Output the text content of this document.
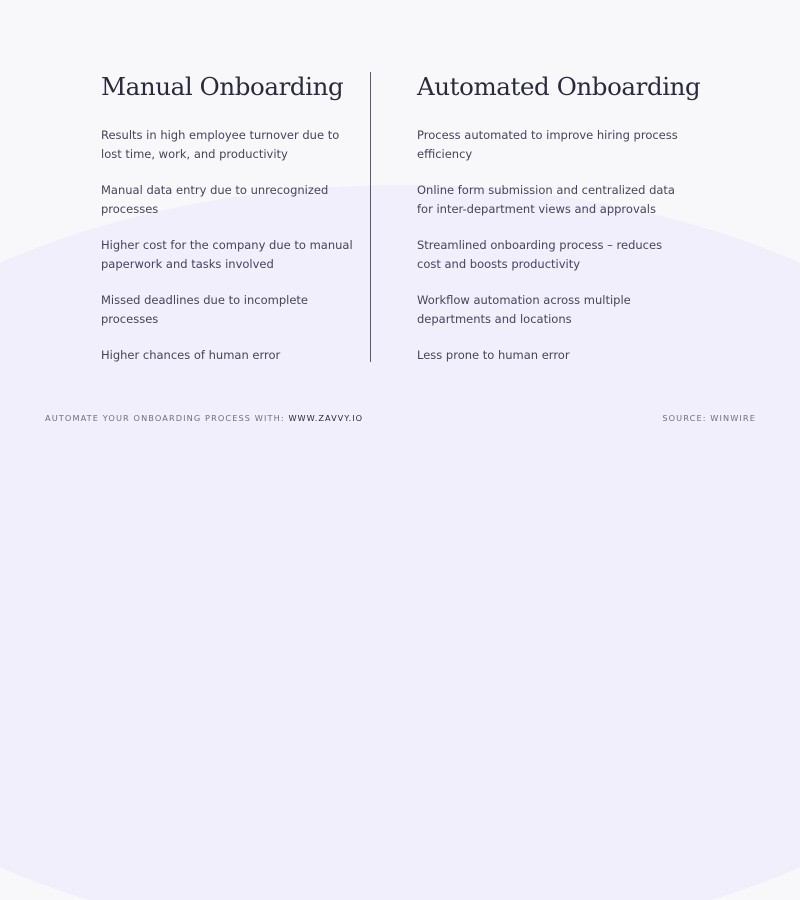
Manual Onboarding
Results in high employee turnover due to lost time, work, and productivity
Manual data entry due to unrecognized processes
Higher cost for the company due to manual paperwork and tasks involved
Missed deadlines due to incomplete processes
Higher chances of human error
Automated Onboarding
Process automated to improve hiring process efficiency
Online form submission and centralized data for inter-department views and approvals
Streamlined onboarding process – reduces cost and boosts productivity
Workflow automation across multiple departments and locations
Less prone to human error
AUTOMATE YOUR ONBOARDING PROCESS WITH: WWW.ZAVVY.IO	SOURCE: WINWIRE
